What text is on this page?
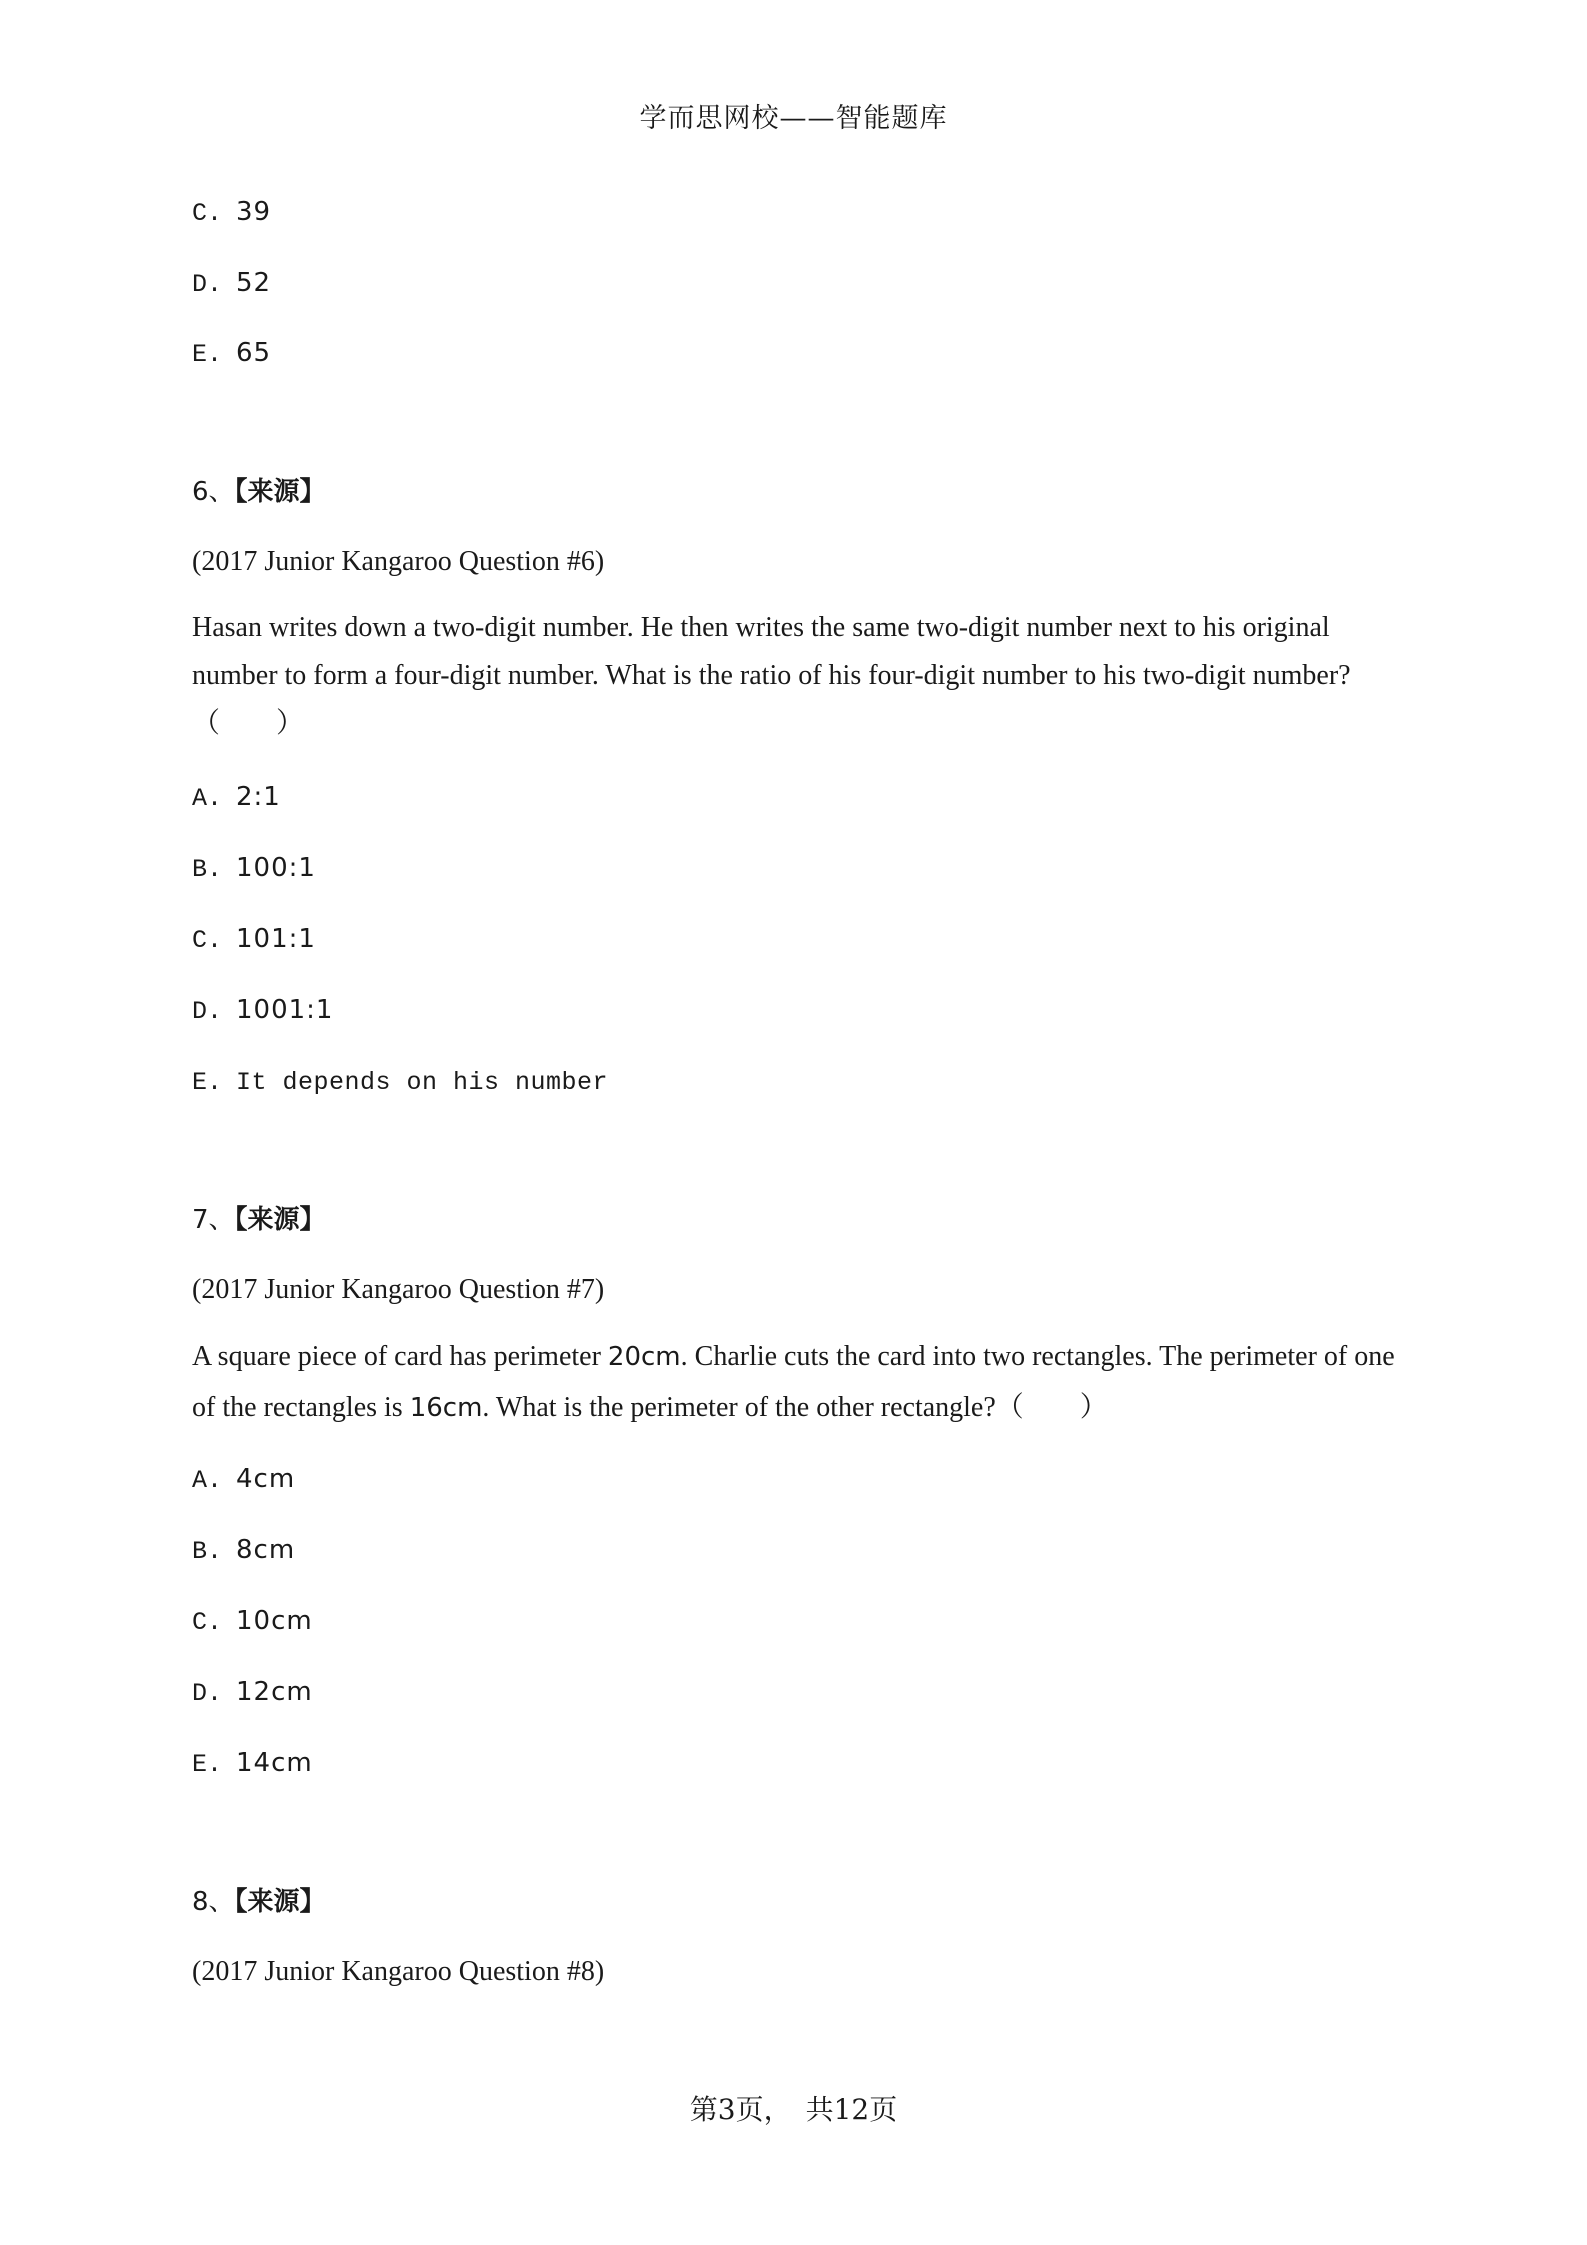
学而思网校——智能题库
C. 39
D. 52
E. 65
6、【来源】
(2017 Junior Kangaroo Question #6)
Hasan writes down a two-digit number. He then writes the same two-digit number next to his original
number to form a four-digit number. What is the ratio of his four-digit number to his two-digit number?
（　　）
A. 2:1
B. 100:1
C. 101:1
D. 1001:1
E. It depends on his number
7、【来源】
(2017 Junior Kangaroo Question #7)
A square piece of card has perimeter 20cm. Charlie cuts the card into two rectangles. The perimeter of one
of the rectangles is 16cm. What is the perimeter of the other rectangle?（　　）
A. 4cm
B. 8cm
C. 10cm
D. 12cm
E. 14cm
8、【来源】
(2017 Junior Kangaroo Question #8)
第3页，　共12页
